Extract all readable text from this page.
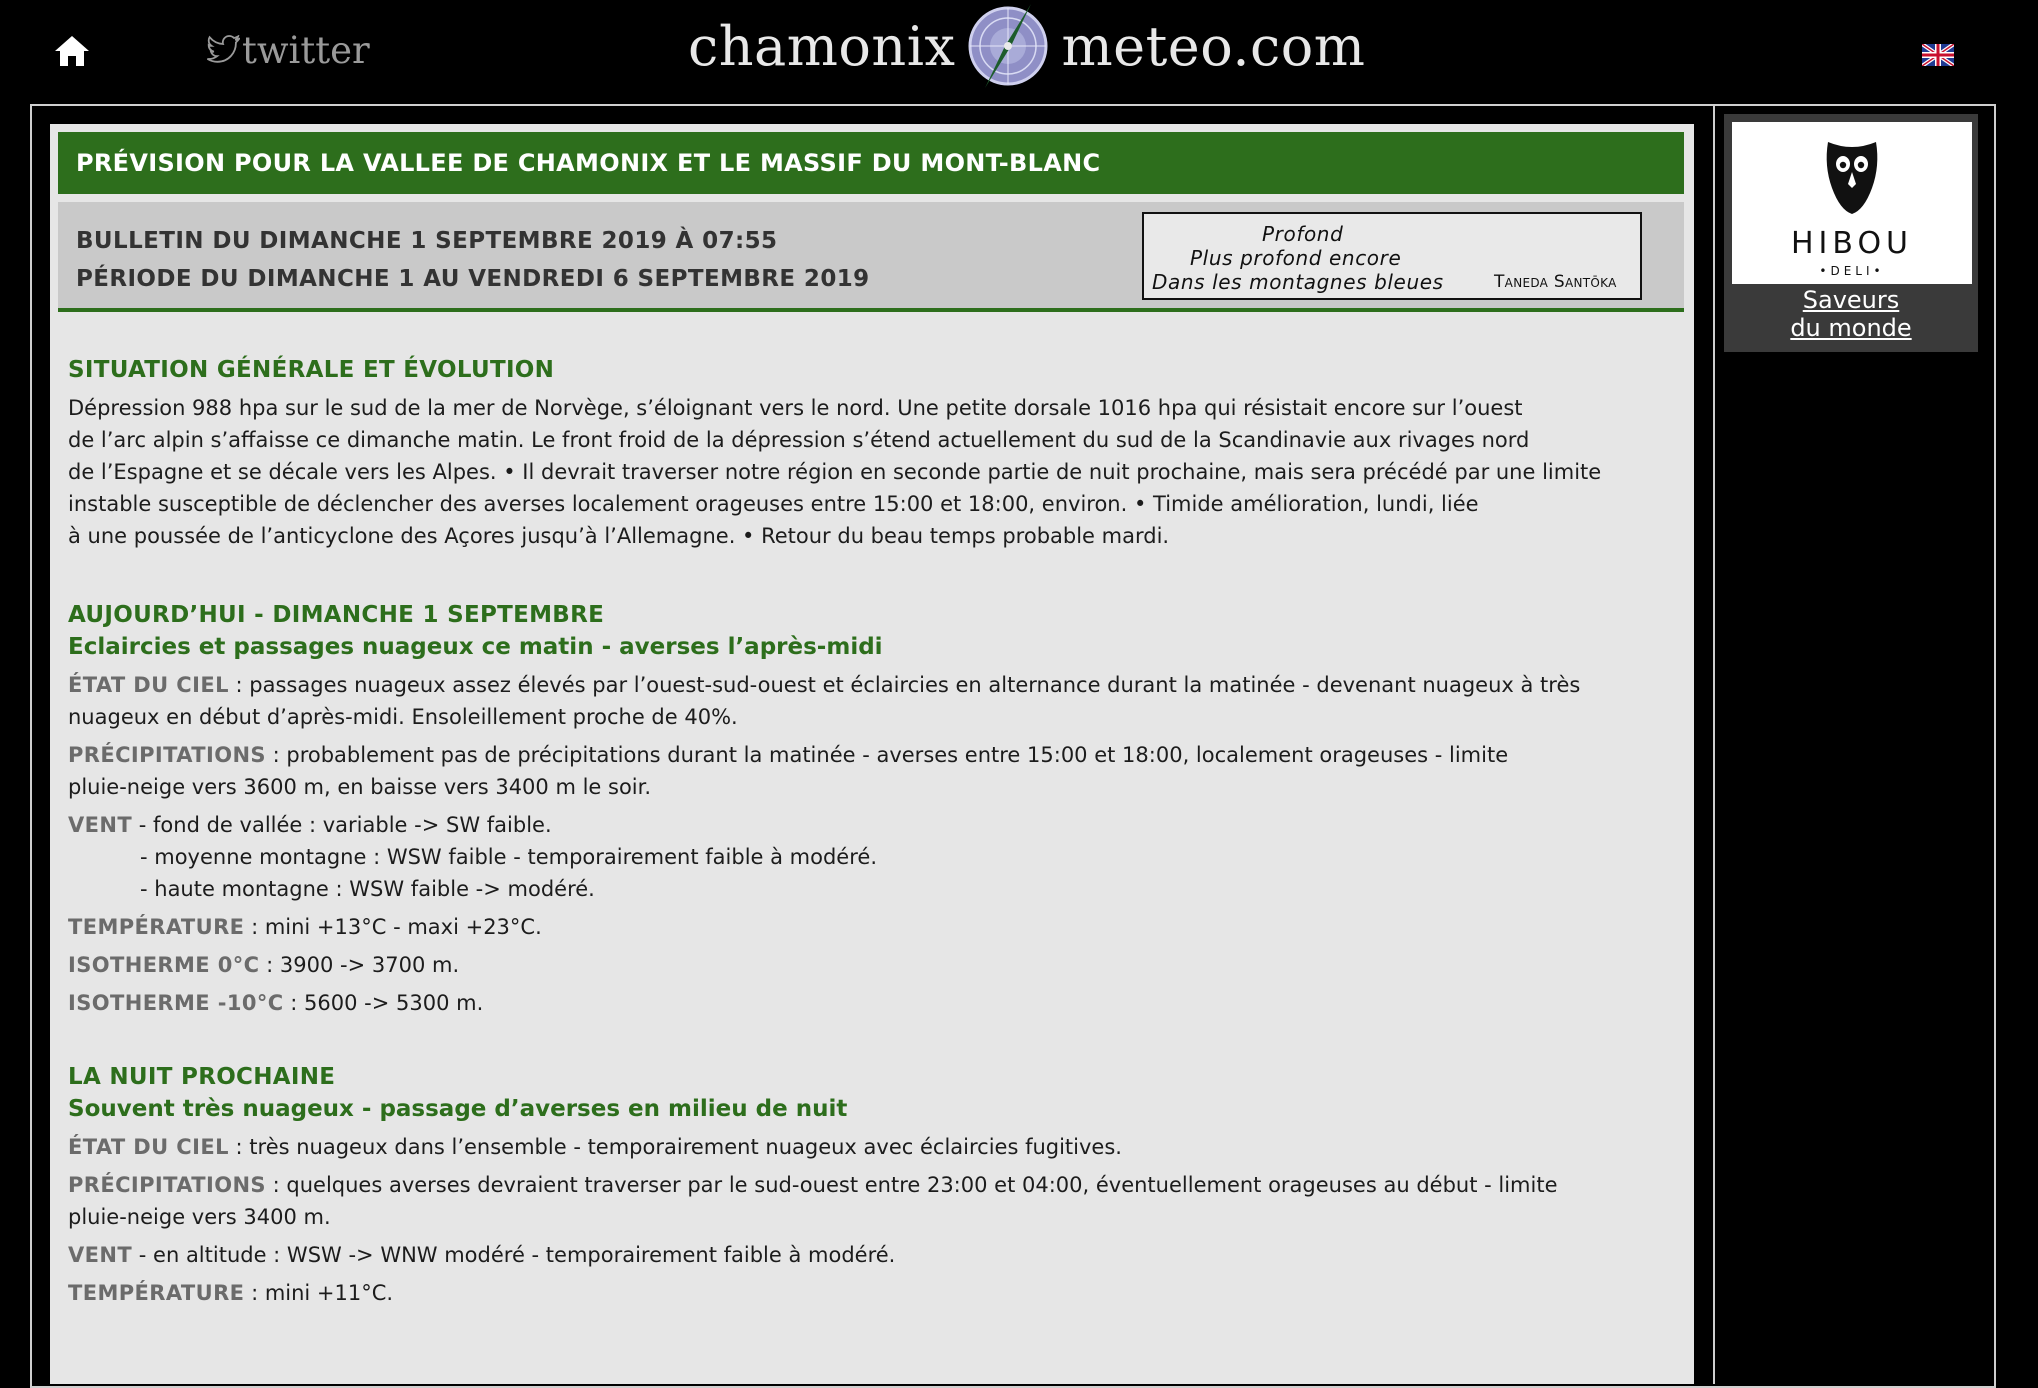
twitter	chamonix meteo.com
PRÉVISION POUR LA VALLEE DE CHAMONIX ET LE MASSIF DU MONT-BLANC
BULLETIN DU DIMANCHE 1 SEPTEMBRE 2019 À 07:55
PÉRIODE DU DIMANCHE 1 AU VENDREDI 6 SEPTEMBRE 2019
Profond
Plus profond encore
Dans les montagnes bleues	Taneda Santōka
SITUATION GÉNÉRALE ET ÉVOLUTION
Dépression 988 hpa sur le sud de la mer de Norvège, s’éloignant vers le nord. Une petite dorsale 1016 hpa qui résistait encore sur l’ouest
de l’arc alpin s’affaisse ce dimanche matin. Le front froid de la dépression s’étend actuellement du sud de la Scandinavie aux rivages nord
de l’Espagne et se décale vers les Alpes. • Il devrait traverser notre région en seconde partie de nuit prochaine, mais sera précédé par une limite
instable susceptible de déclencher des averses localement orageuses entre 15:00 et 18:00, environ. • Timide amélioration, lundi, liée
à une poussée de l’anticyclone des Açores jusqu’à l’Allemagne. • Retour du beau temps probable mardi.
AUJOURD’HUI - DIMANCHE 1 SEPTEMBRE
Eclaircies et passages nuageux ce matin - averses l’après-midi
ÉTAT DU CIEL : passages nuageux assez élevés par l’ouest-sud-ouest et éclaircies en alternance durant la matinée - devenant nuageux à très
nuageux en début d’après-midi. Ensoleillement proche de 40%.
PRÉCIPITATIONS : probablement pas de précipitations durant la matinée - averses entre 15:00 et 18:00, localement orageuses - limite
pluie-neige vers 3600 m, en baisse vers 3400 m le soir.
VENT - fond de vallée : variable -> SW faible.
- moyenne montagne : WSW faible - temporairement faible à modéré.
- haute montagne : WSW faible -> modéré.
TEMPÉRATURE : mini +13°C - maxi +23°C.
ISOTHERME 0°C : 3900 -> 3700 m.
ISOTHERME -10°C : 5600 -> 5300 m.
LA NUIT PROCHAINE
Souvent très nuageux - passage d’averses en milieu de nuit
ÉTAT DU CIEL : très nuageux dans l’ensemble - temporairement nuageux avec éclaircies fugitives.
PRÉCIPITATIONS : quelques averses devraient traverser par le sud-ouest entre 23:00 et 04:00, éventuellement orageuses au début - limite
pluie-neige vers 3400 m.
VENT - en altitude : WSW -> WNW modéré - temporairement faible à modéré.
TEMPÉRATURE : mini +11°C.
HIBOU
•DELI•
Saveurs
du monde
